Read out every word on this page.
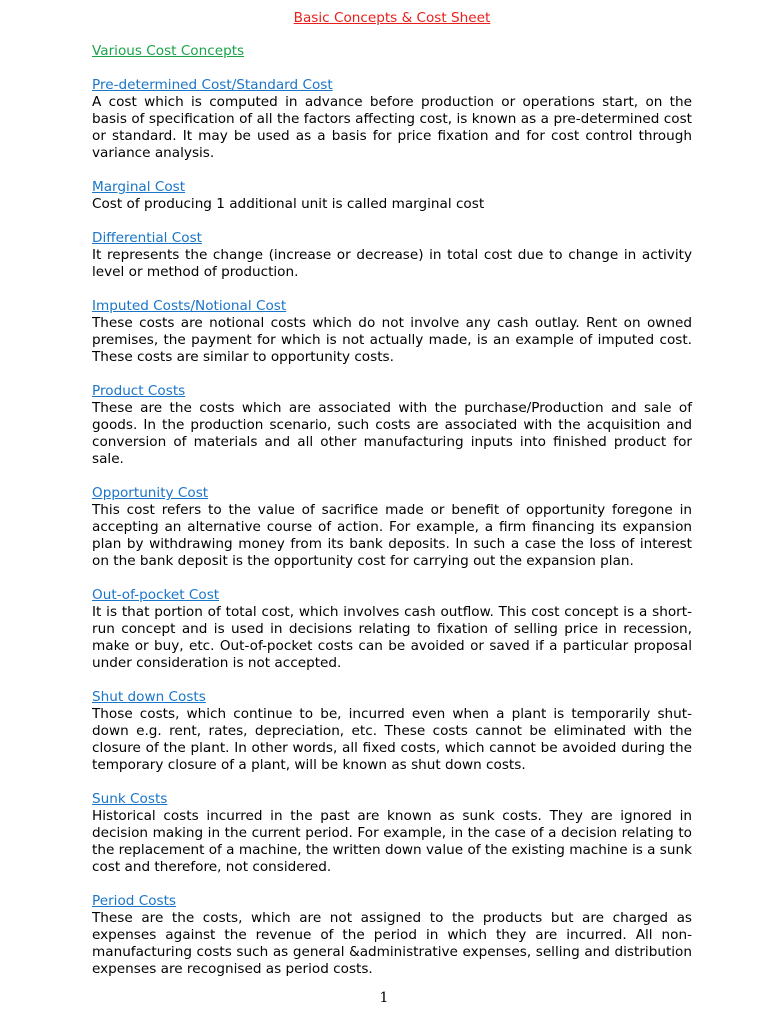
Basic Concepts & Cost Sheet
Various Cost Concepts
Pre-determined Cost/Standard Cost
A cost which is computed in advance before production or operations start, on the basis of specification of all the factors affecting cost, is known as a pre-determined cost or standard. It may be used as a basis for price fixation and for cost control through variance analysis.
Marginal Cost
Cost of producing 1 additional unit is called marginal cost
Differential Cost
It represents the change (increase or decrease) in total cost due to change in activity level or method of production.
Imputed Costs/Notional Cost
These costs are notional costs which do not involve any cash outlay. Rent on owned premises, the payment for which is not actually made, is an example of imputed cost. These costs are similar to opportunity costs.
Product Costs
These are the costs which are associated with the purchase/Production and sale of goods. In the production scenario, such costs are associated with the acquisition and conversion of materials and all other manufacturing inputs into finished product for sale.
Opportunity Cost
This cost refers to the value of sacrifice made or benefit of opportunity foregone in accepting an alternative course of action. For example, a firm financing its expansion plan by withdrawing money from its bank deposits. In such a case the loss of interest on the bank deposit is the opportunity cost for carrying out the expansion plan.
Out-of-pocket Cost
It is that portion of total cost, which involves cash outflow. This cost concept is a short-run concept and is used in decisions relating to fixation of selling price in recession, make or buy, etc. Out-of-pocket costs can be avoided or saved if a particular proposal under consideration is not accepted.
Shut down Costs
Those costs, which continue to be, incurred even when a plant is temporarily shut-down e.g. rent, rates, depreciation, etc. These costs cannot be eliminated with the closure of the plant. In other words, all fixed costs, which cannot be avoided during the temporary closure of a plant, will be known as shut down costs.
Sunk Costs
Historical costs incurred in the past are known as sunk costs. They are ignored in decision making in the current period. For example, in the case of a decision relating to the replacement of a machine, the written down value of the existing machine is a sunk cost and therefore, not considered.
Period Costs
These are the costs, which are not assigned to the products but are charged as expenses against the revenue of the period in which they are incurred. All non-manufacturing costs such as general &administrative expenses, selling and distribution expenses are recognised as period costs.
1
